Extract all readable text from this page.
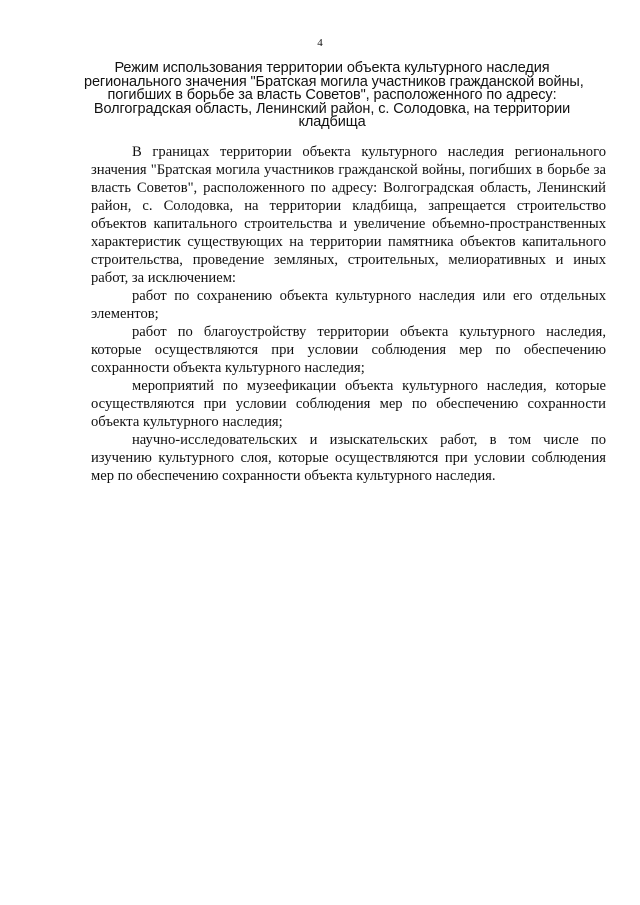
4
Режим использования территории объекта культурного наследия
регионального значения "Братская могила участников гражданской войны,
погибших в борьбе за власть Советов", расположенного по адресу:
Волгоградская область, Ленинский район, с. Солодовка, на территории
кладбища

В границах территории объекта культурного наследия регионального значения "Братская могила участников гражданской войны, погибших в борьбе за власть Советов", расположенного по адресу: Волгоградская область, Ленинский район, с. Солодовка, на территории кладбища, запрещается строительство объектов капитального строительства и увеличение объемно-пространственных характеристик существующих на территории памятника объектов капитального строительства, проведение земляных, строительных, мелиоративных и иных работ, за исключением:

работ по сохранению объекта культурного наследия или его отдельных элементов;

работ по благоустройству территории объекта культурного наследия, которые осуществляются при условии соблюдения мер по обеспечению сохранности объекта культурного наследия;

мероприятий по музеефикации объекта культурного наследия, которые осуществляются при условии соблюдения мер по обеспечению сохранности объекта культурного наследия;

научно-исследовательских и изыскательских работ, в том числе по изучению культурного слоя, которые осуществляются при условии соблюдения мер по обеспечению сохранности объекта культурного наследия.
